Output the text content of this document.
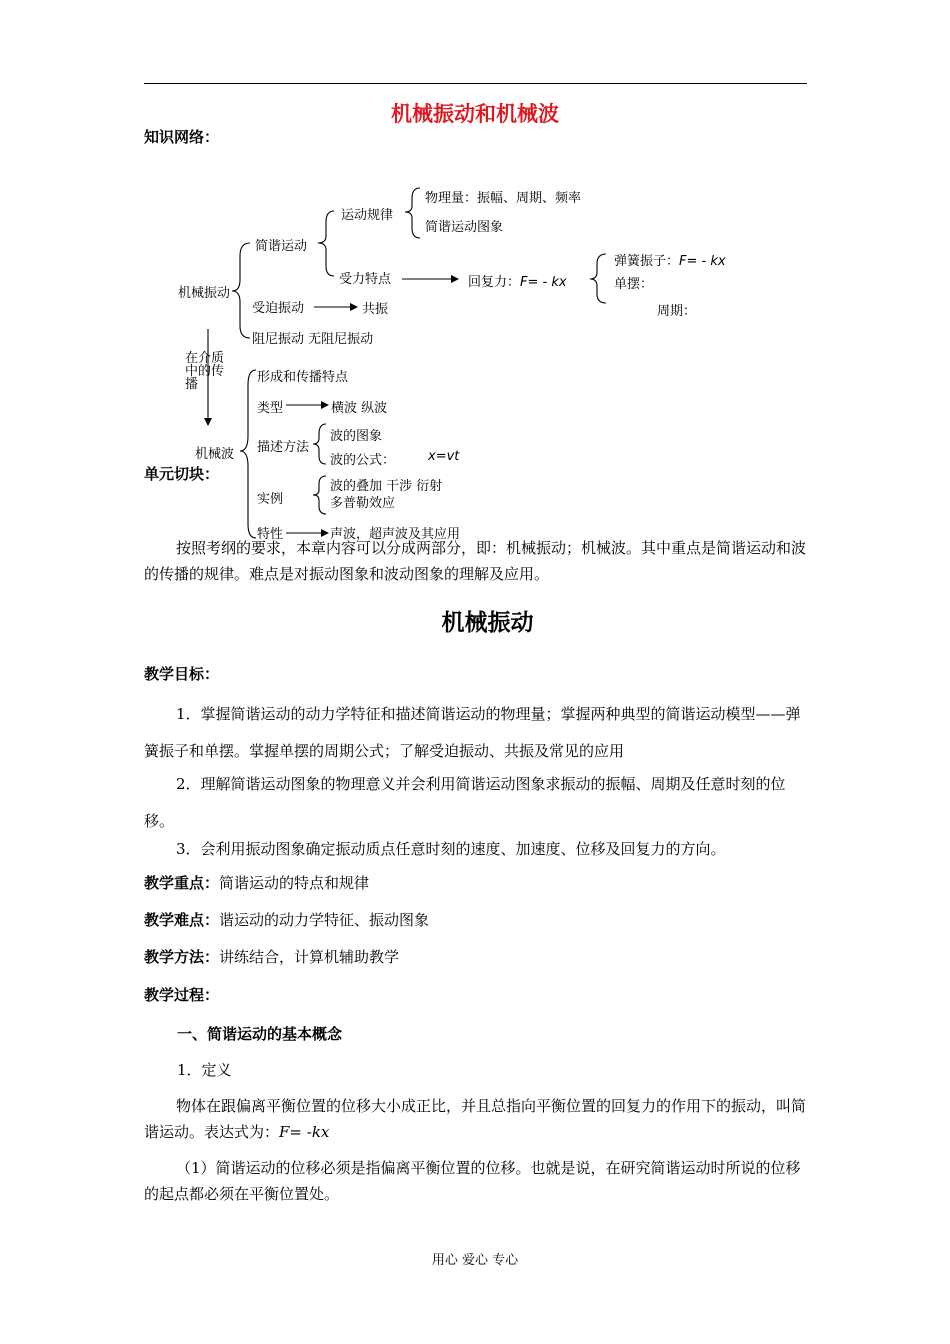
机械振动和机械波
知识网络：
机械振动
简谐运动
运动规律
物理量：振幅、周期、频率
简谐运动图象
受力特点	回复力：F= - kx
弹簧振子：F= - kx
单摆：
周期：
受迫振动	共振
阻尼振动 无阻尼振动
在介质中的传播
机械波
形成和传播特点
类型	横波 纵波
描述方法
波的图象
波的公式：	x=vt
实例
波的叠加 干涉 衍射
多普勒效应
特性	声波，超声波及其应用
单元切块：
按照考纲的要求，本章内容可以分成两部分，即：机械振动；机械波。其中重点是简谐运动和波的传播的规律。难点是对振动图象和波动图象的理解及应用。
机械振动
教学目标：
1．掌握简谐运动的动力学特征和描述简谐运动的物理量；掌握两种典型的简谐运动模型——弹簧振子和单摆。掌握单摆的周期公式；了解受迫振动、共振及常见的应用
2．理解简谐运动图象的物理意义并会利用简谐运动图象求振动的振幅、周期及任意时刻的位移。
3．会利用振动图象确定振动质点任意时刻的速度、加速度、位移及回复力的方向。
教学重点：简谐运动的特点和规律
教学难点：谐运动的动力学特征、振动图象
教学方法：讲练结合，计算机辅助教学
教学过程：
一、简谐运动的基本概念
1．定义
物体在跟偏离平衡位置的位移大小成正比，并且总指向平衡位置的回复力的作用下的振动，叫简谐运动。表达式为：F= -kx
（1）简谐运动的位移必须是指偏离平衡位置的位移。也就是说，在研究简谐运动时所说的位移的起点都必须在平衡位置处。
用心 爱心 专心
